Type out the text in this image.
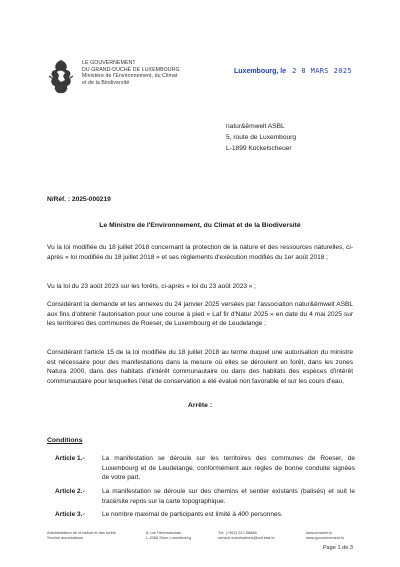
LE GOUVERNEMENT
DU GRAND-DUCHÉ DE LUXEMBOURG
Ministère de l'Environnement, du Climat
et de la Biodiversité
Luxembourg, le 2 8 MARS 2025
natur&ëmwelt ASBL
5, route de Luxembourg
L-1899 Kockelscheuer
N/Réf. : 2025-000219
Le Ministre de l'Environnement, du Climat et de la Biodiversité
Vu la loi modifiée du 18 juillet 2018 concernant la protection de la nature et des ressources naturelles, ci-après « loi modifiée du 18 juillet 2018 » et ses règlements d'exécution modifiés du 1er août 2018 ;
Vu la loi du 23 août 2023 sur les forêts, ci-après « loi du 23 août 2023 » ;
Considérant la demande et les annexes du 24 janvier 2025 versées par l'association natur&ëmwelt ASBL aux fins d'obtenir l'autorisation pour une course à pied « Laf fir d'Natur 2025 » en date du 4 mai 2025 sur les territoires des communes de Roeser, de Luxembourg et de Leudelange ;
Considérant l'article 15 de la loi modifiée du 18 juillet 2018 au terme duquel une autorisation du ministre est nécessaire pour des manifestations dans la mesure où elles se déroulent en forêt, dans les zones Natura 2000, dans des habitats d'intérêt communautaire ou dans des habitats des espèces d'intérêt communautaire pour lesquelles l'état de conservation a été évalué non favorable et sur les cours d'eau,
Arrête :
Conditions
Article 1.-	La manifestation se déroule sur les territoires des communes de Roeser, de Luxembourg et de Leudelange, conformément aux règles de bonne conduite signées de votre part.
Article 2.-	La manifestation se déroule sur des chemins et sentier existants (balisés) et suit le tracé/site repris sur la carte topographique.
Article 3.-	Le nombre maximal de participants est limité à 400 personnes.
Administration de la nature et des forêts
Service autorisations
8, rue Hermanschan
L-2088 Senn Luxembourg
Tél. (+352) 247-56888
service.autorisations@anf.etat.lu
www.emwelt.lu
www.gouvernement.lu
Page 1 de 3
